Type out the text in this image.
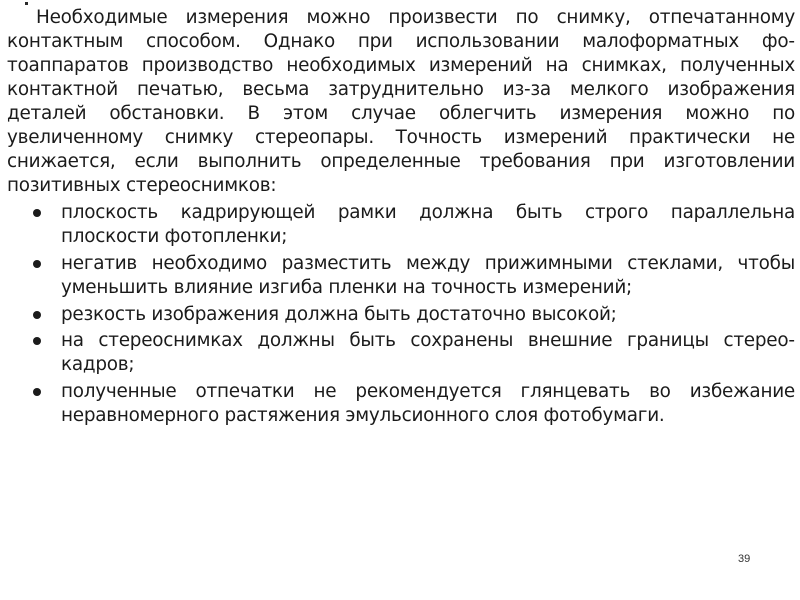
Необходимые измерения можно произвести по снимку, отпечатанному контактным способом. Однако при использовании малоформатных фотоаппаратов производство необходимых измерений на снимках, полученных контактной печатью, весьма затруднительно из-за мелкого изображения деталей обстановки. В этом случае облегчить измерения можно по увеличенному снимку стереопары. Точность измерений практически не снижается, если выполнить определенные требования при изготовлении позитивных стереоснимков:

плоскость кадрирующей рамки должна быть строго параллельна плоскости фотопленки;
негатив необходимо разместить между прижимными стеклами, чтобы уменьшить влияние изгиба пленки на точность измерений;
резкость изображения должна быть достаточно высокой;
на стереоснимках должны быть сохранены внешние границы стереокадров;
полученные отпечатки не рекомендуется глянцевать во избежание неравномерного растяжения эмульсионного слоя фотобумаги.
39
